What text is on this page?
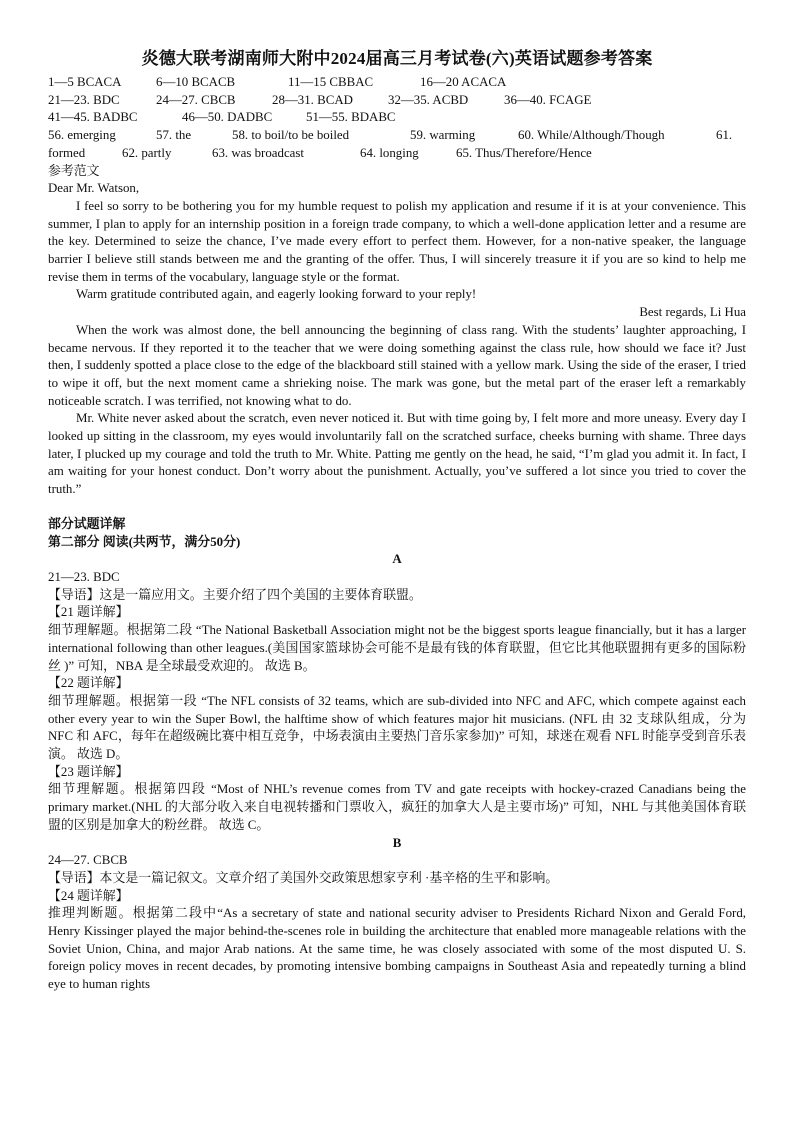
炎德大联考湖南师大附中2024届高三月考试卷(六)英语试题参考答案
1—5 BCACA	6—10 BCACB	11—15 CBBAC	16—20 ACACA
21—23. BDC	24—27. CBCB	28—31. BCAD	32—35. ACBD	36—40. FCAGE
41—45. BADBC	46—50. DADBC	51—55. BDABC
56. emerging	57. the	58. to boil/to be boiled	59. warming	60. While/Although/Though	61.
formed	62. partly	63. was broadcast	64. longing	65. Thus/Therefore/Hence
参考范文
Dear Mr. Watson,

I feel so sorry to be bothering you for my humble request to polish my application and resume if it is at your convenience. This summer, I plan to apply for an internship position in a foreign trade company, to which a well-done application letter and a resume are the key. Determined to seize the chance, I’ve made every effort to perfect them. However, for a non-native speaker, the language barrier I believe still stands between me and the granting of the offer. Thus, I will sincerely treasure it if you are so kind to help me revise them in terms of the vocabulary, language style or the format.

Warm gratitude contributed again, and eagerly looking forward to your reply!

Best regards, Li Hua

When the work was almost done, the bell announcing the beginning of class rang. With the students’ laughter approaching, I became nervous. If they reported it to the teacher that we were doing something against the class rule, how should we face it? Just then, I suddenly spotted a place close to the edge of the blackboard still stained with a yellow mark. Using the side of the eraser, I tried to wipe it off, but the next moment came a shrieking noise. The mark was gone, but the metal part of the eraser left a remarkably noticeable scratch. I was terrified, not knowing what to do.

Mr. White never asked about the scratch, even never noticed it. But with time going by, I felt more and more uneasy. Every day I looked up sitting in the classroom, my eyes would involuntarily fall on the scratched surface, cheeks burning with shame. Three days later, I plucked up my courage and told the truth to Mr. White. Patting me gently on the head, he said, “I’m glad you admit it. In fact, I am waiting for your honest conduct. Don’t worry about the punishment. Actually, you’ve suffered a lot since you tried to cover the truth.”

部分试题详解
第二部分 阅读(共两节，满分50分)
A
21—23. BDC
【导语】这是一篇应用文。主要介绍了四个美国的主要体育联盟。
【21 题详解】

细节理解题。根据第二段 “The National Basketball Association might not be the biggest sports league financially, but it has a larger international following than other leagues.(美国国家篮球协会可能不是最有钱的体育联盟，但它比其他联盟拥有更多的国际粉丝 )” 可知，NBA 是全球最受欢迎的。 故选 B。

【22 题详解】

细节理解题。根据第一段 “The NFL consists of 32 teams, which are sub-divided into NFC and AFC, which compete against each other every year to win the Super Bowl, the halftime show of which features major hit musicians. (NFL 由 32 支球队组成，分为 NFC 和 AFC，每年在超级碗比赛中相互竞争，中场表演由主要热门音乐家参加)” 可知，球迷在观看 NFL 时能享受到音乐表演。 故选 D。

【23 题详解】

细节理解题。根据第四段 “Most of NHL’s revenue comes from TV and gate receipts with hockey-crazed Canadians being the primary market.(NHL 的大部分收入来自电视转播和门票收入，疯狂的加拿大人是主要市场)” 可知，NHL 与其他美国体育联盟的区别是加拿大的粉丝群。 故选 C。

B
24—27. CBCB
【导语】本文是一篇记叙文。文章介绍了美国外交政策思想家亨利 ·基辛格的生平和影响。
【24 题详解】

推理判断题。根据第二段中“As a secretary of state and national security adviser to Presidents Richard Nixon and Gerald Ford, Henry Kissinger played the major behind-the-scenes role in building the architecture that enabled more manageable relations with the Soviet Union, China, and major Arab nations. At the same time, he was closely associated with some of the most disputed U. S. foreign policy moves in recent decades, by promoting intensive bombing campaigns in Southeast Asia and repeatedly turning a blind eye to human rights
